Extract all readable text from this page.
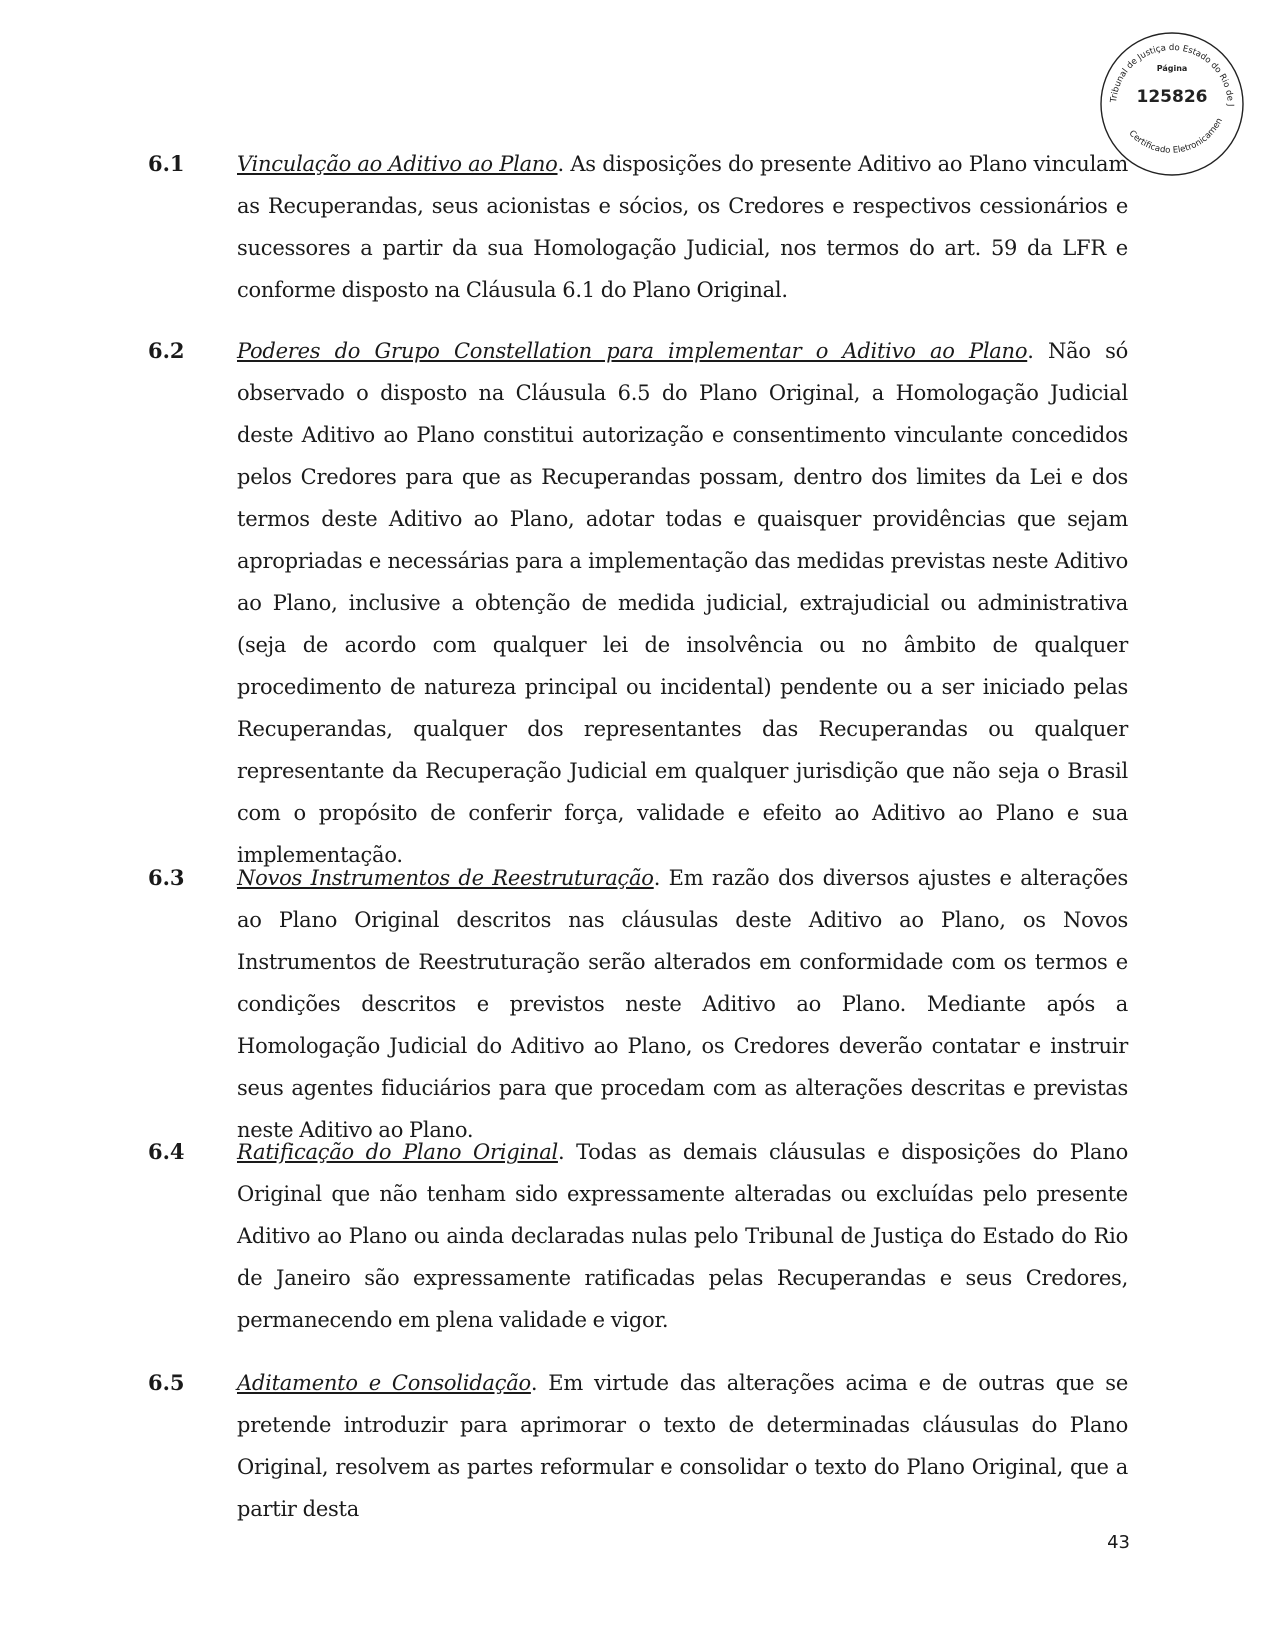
Tribunal de Justiça do Estado do Rio de J
Certificado Eletronicamen
Página
125826
6.1 Vinculação ao Aditivo ao Plano. As disposições do presente Aditivo ao Plano vinculam as Recuperandas, seus acionistas e sócios, os Credores e respectivos cessionários e sucessores a partir da sua Homologação Judicial, nos termos do art. 59 da LFR e conforme disposto na Cláusula 6.1 do Plano Original.

6.2 Poderes do Grupo Constellation para implementar o Aditivo ao Plano. Não só observado o disposto na Cláusula 6.5 do Plano Original, a Homologação Judicial deste Aditivo ao Plano constitui autorização e consentimento vinculante concedidos pelos Credores para que as Recuperandas possam, dentro dos limites da Lei e dos termos deste Aditivo ao Plano, adotar todas e quaisquer providências que sejam apropriadas e necessárias para a implementação das medidas previstas neste Aditivo ao Plano, inclusive a obtenção de medida judicial, extrajudicial ou administrativa (seja de acordo com qualquer lei de insolvência ou no âmbito de qualquer procedimento de natureza principal ou incidental) pendente ou a ser iniciado pelas Recuperandas, qualquer dos representantes das Recuperandas ou qualquer representante da Recuperação Judicial em qualquer jurisdição que não seja o Brasil com o propósito de conferir força, validade e efeito ao Aditivo ao Plano e sua implementação.

6.3 Novos Instrumentos de Reestruturação. Em razão dos diversos ajustes e alterações ao Plano Original descritos nas cláusulas deste Aditivo ao Plano, os Novos Instrumentos de Reestruturação serão alterados em conformidade com os termos e condições descritos e previstos neste Aditivo ao Plano. Mediante após a Homologação Judicial do Aditivo ao Plano, os Credores deverão contatar e instruir seus agentes fiduciários para que procedam com as alterações descritas e previstas neste Aditivo ao Plano.

6.4 Ratificação do Plano Original. Todas as demais cláusulas e disposições do Plano Original que não tenham sido expressamente alteradas ou excluídas pelo presente Aditivo ao Plano ou ainda declaradas nulas pelo Tribunal de Justiça do Estado do Rio de Janeiro são expressamente ratificadas pelas Recuperandas e seus Credores, permanecendo em plena validade e vigor.

6.5 Aditamento e Consolidação. Em virtude das alterações acima e de outras que se pretende introduzir para aprimorar o texto de determinadas cláusulas do Plano Original, resolvem as partes reformular e consolidar o texto do Plano Original, que a partir desta

43
